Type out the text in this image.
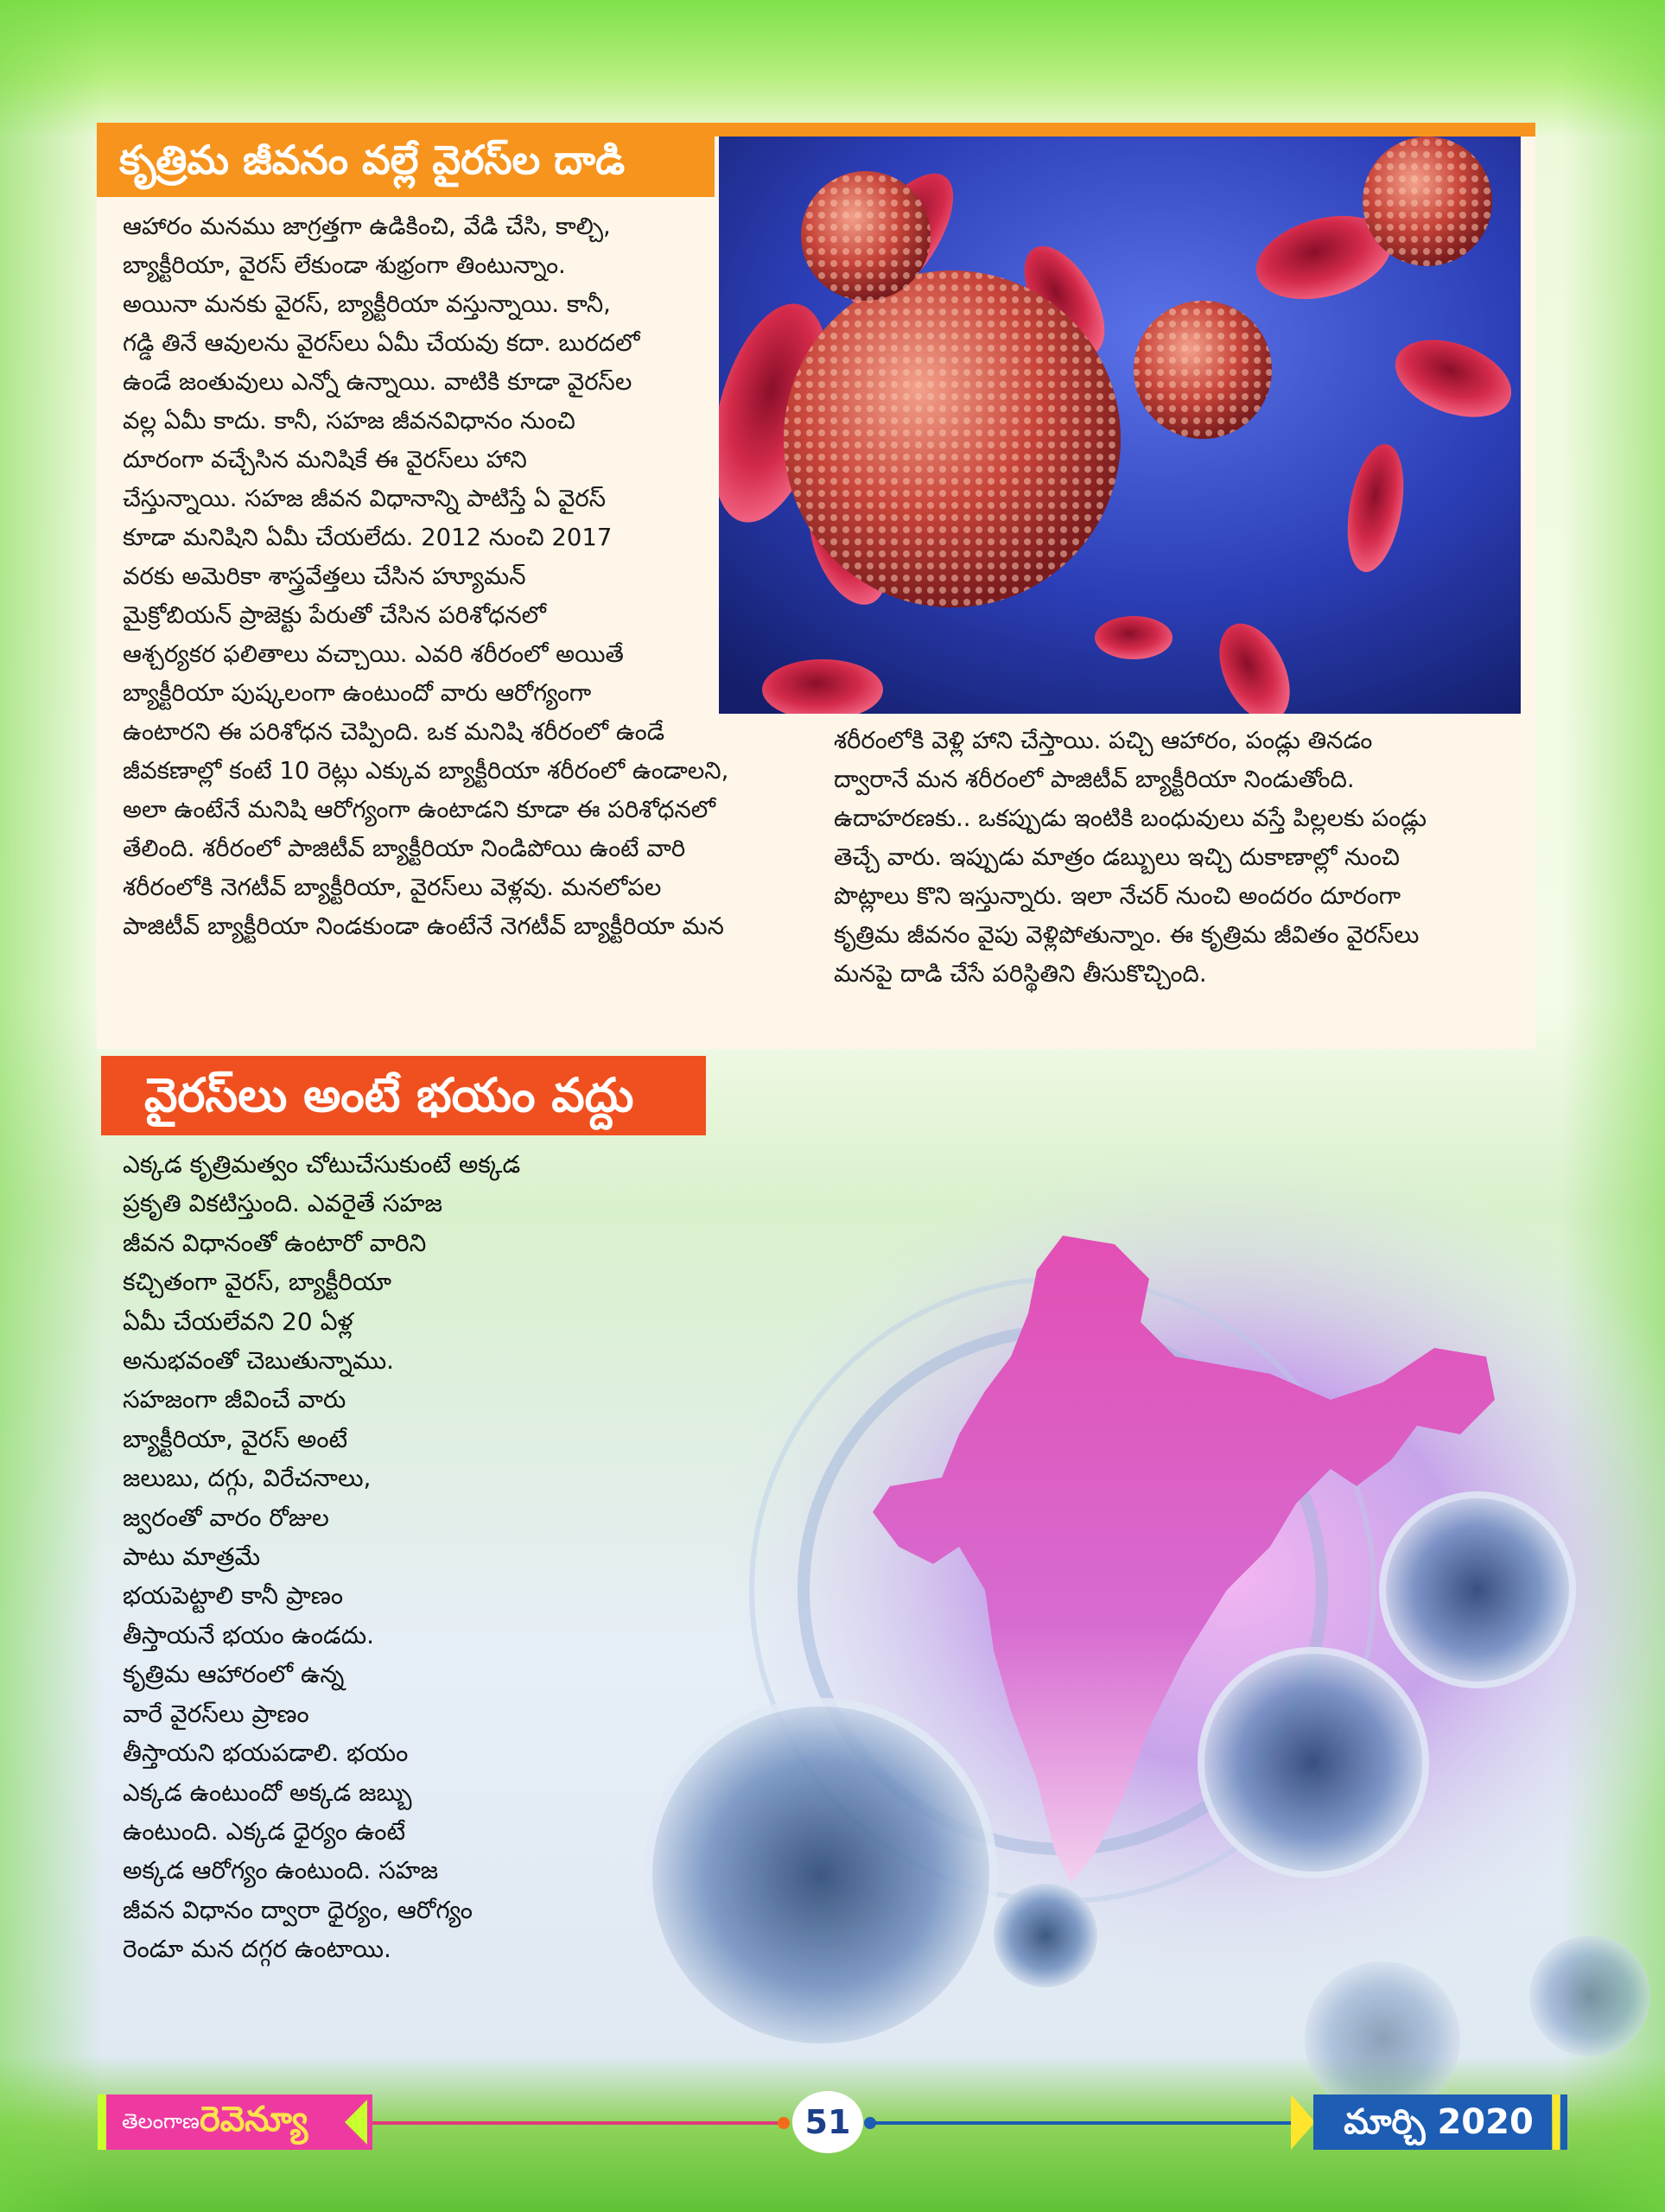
కృత్రిమ జీవనం వల్లే వైరస్‌ల దాడి

ఆహారం మనము జాగ్రత్తగా ఉడికించి, వేడి చేసి, కాల్చి,

బ్యాక్టీరియా, వైరస్ లేకుండా శుభ్రంగా తింటున్నాం.

అయినా మనకు వైరస్, బ్యాక్టీరియా వస్తున్నాయి. కానీ,

గడ్డి తినే ఆవులను వైరస్‌లు ఏమీ చేయవు కదా. బురదలో

ఉండే జంతువులు ఎన్నో ఉన్నాయి. వాటికి కూడా వైరస్‌ల

వల్ల ఏమీ కాదు. కానీ, సహజ జీవనవిధానం నుంచి

దూరంగా వచ్చేసిన మనిషికే ఈ వైరస్‌లు హాని

చేస్తున్నాయి. సహజ జీవన విధానాన్ని పాటిస్తే ఏ వైరస్

కూడా మనిషిని ఏమీ చేయలేదు. 2012 నుంచి 2017

వరకు అమెరికా శాస్త్రవేత్తలు చేసిన హ్యూమన్

మైక్రోబియన్ ప్రాజెక్టు పేరుతో చేసిన పరిశోధనలో

ఆశ్చర్యకర ఫలితాలు వచ్చాయి. ఎవరి శరీరంలో అయితే

బ్యాక్టీరియా పుష్కలంగా ఉంటుందో వారు ఆరోగ్యంగా

ఉంటారని ఈ పరిశోధన చెప్పింది. ఒక మనిషి శరీరంలో ఉండే

జీవకణాల్లో కంటే 10 రెట్లు ఎక్కువ బ్యాక్టీరియా శరీరంలో ఉండాలని,

అలా ఉంటేనే మనిషి ఆరోగ్యంగా ఉంటాడని కూడా ఈ పరిశోధనలో

తేలింది. శరీరంలో పాజిటీవ్ బ్యాక్టీరియా నిండిపోయి ఉంటే వారి

శరీరంలోకి నెగటీవ్ బ్యాక్టీరియా, వైరస్‌లు వెళ్లవు. మనలోపల

పాజిటీవ్ బ్యాక్టీరియా నిండకుండా ఉంటేనే నెగటీవ్ బ్యాక్టీరియా మన

శరీరంలోకి వెళ్లి హాని చేస్తాయి. పచ్చి ఆహారం, పండ్లు తినడం

ద్వారానే మన శరీరంలో పాజిటీవ్ బ్యాక్టీరియా నిండుతోంది.

ఉదాహరణకు.. ఒకప్పుడు ఇంటికి బంధువులు వస్తే పిల్లలకు పండ్లు

తెచ్చే వారు. ఇప్పుడు మాత్రం డబ్బులు ఇచ్చి దుకాణాల్లో నుంచి

పొట్లాలు కొని ఇస్తున్నారు. ఇలా నేచర్ నుంచి అందరం దూరంగా

కృత్రిమ జీవనం వైపు వెళ్లిపోతున్నాం. ఈ కృత్రిమ జీవితం వైరస్‌లు

మనపై దాడి చేసే పరిస్థితిని తీసుకొచ్చింది.

వైరస్‌లు అంటే భయం వద్దు

ఎక్కడ కృత్రిమత్వం చోటుచేసుకుంటే అక్కడ

ప్రకృతి వికటిస్తుంది. ఎవరైతే సహజ

జీవన విధానంతో ఉంటారో వారిని

కచ్చితంగా వైరస్, బ్యాక్టీరియా

ఏమీ చేయలేవని 20 ఏళ్ల

అనుభవంతో చెబుతున్నాము.

సహజంగా జీవించే వారు

బ్యాక్టీరియా, వైరస్ అంటే

జలుబు, దగ్గు, విరేచనాలు,

జ్వరంతో వారం రోజుల

పాటు మాత్రమే

భయపెట్టాలి కానీ ప్రాణం

తీస్తాయనే భయం ఉండదు.

కృత్రిమ ఆహారంలో ఉన్న

వారే వైరస్‌లు ప్రాణం

తీస్తాయని భయపడాలి. భయం

ఎక్కడ ఉంటుందో అక్కడ జబ్బు

ఉంటుంది. ఎక్కడ ధైర్యం ఉంటే

అక్కడ ఆరోగ్యం ఉంటుంది. సహజ

జీవన విధానం ద్వారా ధైర్యం, ఆరోగ్యం

రెండూ మన దగ్గర ఉంటాయి.

తెలంగాణ రెవెన్యూ	51	మార్చి 2020
